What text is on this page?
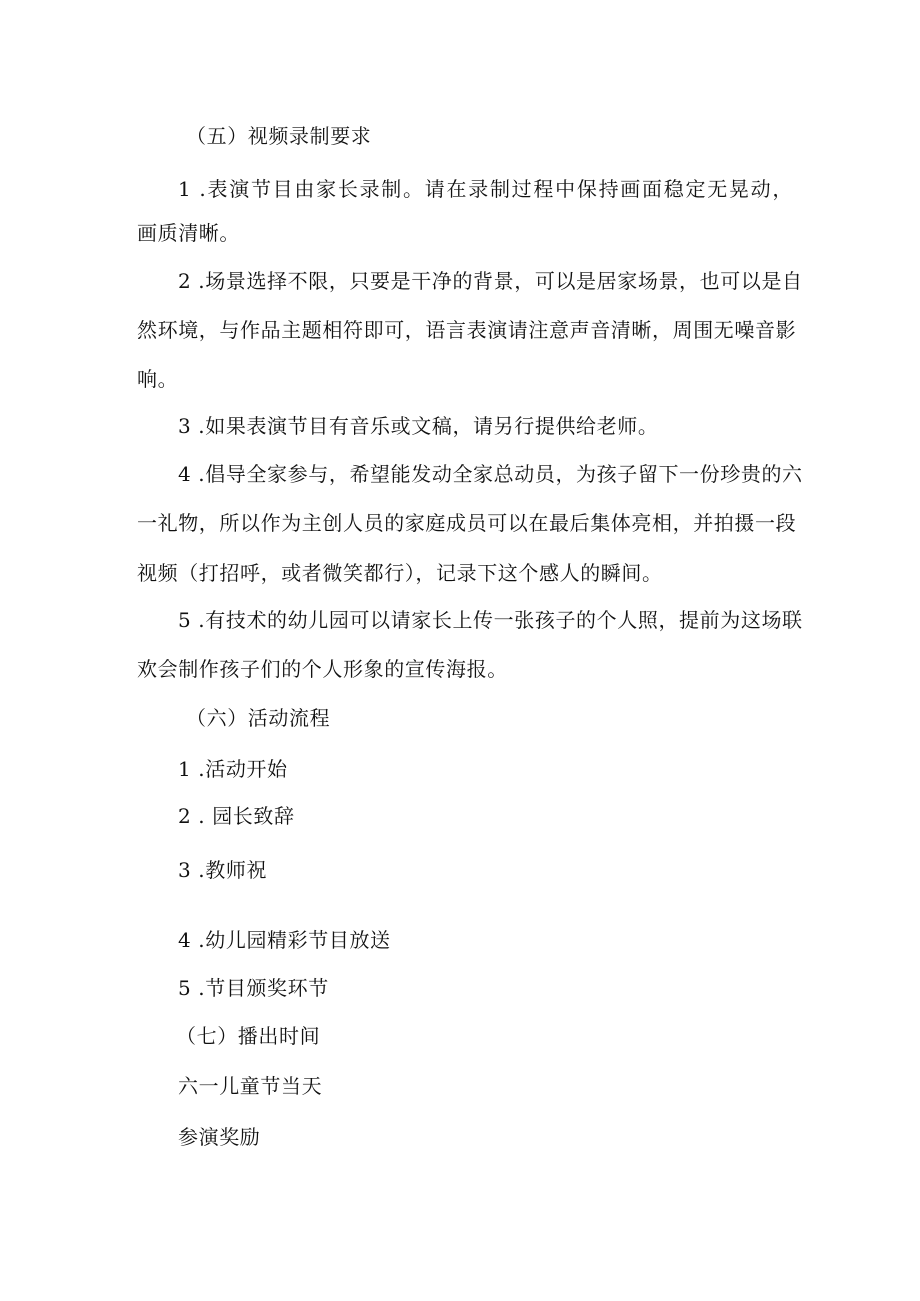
（五）视频录制要求
1 .表演节目由家长录制。请在录制过程中保持画面稳定无晃动，
画质清晰。
2 .场景选择不限，只要是干净的背景，可以是居家场景，也可以是自
然环境，与作品主题相符即可，语言表演请注意声音清晰，周围无噪音影
响。
3 .如果表演节目有音乐或文稿，请另行提供给老师。
4 .倡导全家参与，希望能发动全家总动员，为孩子留下一份珍贵的六
一礼物，所以作为主创人员的家庭成员可以在最后集体亮相，并拍摄一段
视频（打招呼，或者微笑都行），记录下这个感人的瞬间。
5 .有技术的幼儿园可以请家长上传一张孩子的个人照，提前为这场联
欢会制作孩子们的个人形象的宣传海报。
（六）活动流程
1 .活动开始
2 . 园长致辞
3 .教师祝
4 .幼儿园精彩节目放送
5 .节目颁奖环节
（七）播出时间
六一儿童节当天
参演奖励
